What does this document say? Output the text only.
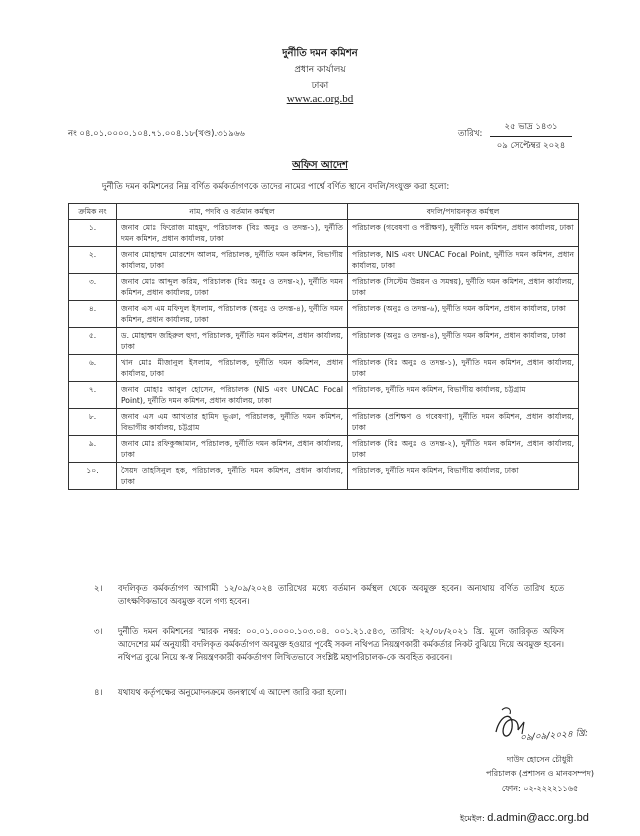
দুর্নীতি দমন কমিশন
প্রধান কার্যালয়
ঢাকা
www.ac.org.bd
নং ০৪.০১.০০০০.১০৪.৭১.০০৪.১৮(খণ্ড).৩১৯৬৬	তারিখ:
২৫ ভাদ্র ১৪৩১
০৯ সেপ্টেম্বর ২০২৪
অফিস আদেশ
দুর্নীতি দমন কমিশনের নিম্ন বর্ণিত কর্মকর্তাগণকে তাদের নামের পার্শ্বে বর্ণিত স্থানে বদলি/সংযুক্ত করা হলো:
ক্রমিক নং	নাম, পদবি ও বর্তমান কর্মস্থল	বদলি/পদায়নকৃত কর্মস্থল
১.	জনাব মোঃ ফিরোজ মাহমুদ, পরিচালক (বিঃ অনুঃ ও তদন্ত-১), দুর্নীতি দমন কমিশন, প্রধান কার্যালয়, ঢাকা	পরিচালক (গবেষণা ও পরীক্ষণ), দুর্নীতি দমন কমিশন, প্রধান কার্যালয়, ঢাকা
২.	জনাব মোহাম্মদ মোরশেদ আলম, পরিচালক, দুর্নীতি দমন কমিশন, বিভাগীয় কার্যালয়, ঢাকা	পরিচালক, NIS এবং UNCAC Focal Point, দুর্নীতি দমন কমিশন, প্রধান কার্যালয়, ঢাকা
৩.	জনাব মোঃ আব্দুল করিম, পরিচালক (বিঃ অনুঃ ও তদন্ত-২), দুর্নীতি দমন কমিশন, প্রধান কার্যালয়, ঢাকা	পরিচালক (সিস্টেম উন্নয়ন ও সমন্বয়), দুর্নীতি দমন কমিশন, প্রধান কার্যালয়, ঢাকা
৪.	জনাব এস এম মফিদুল ইসলাম, পরিচালক (অনুঃ ও তদন্ত-৪), দুর্নীতি দমন কমিশন, প্রধান কার্যালয়, ঢাকা	পরিচালক (অনুঃ ও তদন্ত-৬), দুর্নীতি দমন কমিশন, প্রধান কার্যালয়, ঢাকা
৫.	ড. মোহাম্মদ জহিরুল হুদা, পরিচালক, দুর্নীতি দমন কমিশন, প্রধান কার্যালয়, ঢাকা	পরিচালক (অনুঃ ও তদন্ত-৪), দুর্নীতি দমন কমিশন, প্রধান কার্যালয়, ঢাকা
৬.	খান মোঃ মীজানুল ইসলাম, পরিচালক, দুর্নীতি দমন কমিশন, প্রধান কার্যালয়, ঢাকা	পরিচালক (বিঃ অনুঃ ও তদন্ত-১), দুর্নীতি দমন কমিশন, প্রধান কার্যালয়, ঢাকা
৭.	জনাব মোহাঃ আবুল হোসেন, পরিচালক (NIS এবং UNCAC Focal Point), দুর্নীতি দমন কমিশন, প্রধান কার্যালয়, ঢাকা	পরিচালক, দুর্নীতি দমন কমিশন, বিভাগীয় কার্যালয়, চট্টগ্রাম
৮.	জনাব এস এম আখতার হামিদ ভূঞা, পরিচালক, দুর্নীতি দমন কমিশন, বিভাগীয় কার্যালয়, চট্টগ্রাম	পরিচালক (প্রশিক্ষণ ও গবেষণা), দুর্নীতি দমন কমিশন, প্রধান কার্যালয়, ঢাকা
৯.	জনাব মোঃ রফিকুজ্জামান, পরিচালক, দুর্নীতি দমন কমিশন, প্রধান কার্যালয়, ঢাকা	পরিচালক (বিঃ অনুঃ ও তদন্ত-২), দুর্নীতি দমন কমিশন, প্রধান কার্যালয়, ঢাকা
১০.	সৈয়দ তাহসিনুল হক, পরিচালক, দুর্নীতি দমন কমিশন, প্রধান কার্যালয়, ঢাকা	পরিচালক, দুর্নীতি দমন কমিশন, বিভাগীয় কার্যালয়, ঢাকা
২। বদলিকৃত কর্মকর্তাগণ আগামী ১২/০৯/২০২৪ তারিখের মধ্যে বর্তমান কর্মস্থল থেকে অবমুক্ত হবেন। অন্যথায় বর্ণিত তারিখ হতে তাৎক্ষণিকভাবে অবমুক্ত বলে গণ্য হবেন।
৩। দুর্নীতি দমন কমিশনের স্মারক নম্বর: ০০.০১.০০০০.১০৩.০৪. ০০১.২১.৫৪৩, তারিখ: ২২/০৮/২০২১ খ্রি. মূলে জারিকৃত অফিস আদেশের মর্ম অনুযায়ী বদলিকৃত কর্মকর্তাগণ অবমুক্ত হওয়ার পূর্বেই সকল নথিপত্র নিয়ন্ত্রণকারী কর্মকর্তার নিকট বুঝিয়ে দিয়ে অবমুক্ত হবেন। নথিপত্র বুঝে নিয়ে স্ব-স্ব নিয়ন্ত্রণকারী কর্মকর্তাগণ লিখিতভাবে সংশ্লিষ্ট মহাপরিচালক-কে অবহিত করবেন।
৪। যথাযথ কর্তৃপক্ষের অনুমোদনক্রমে জনস্বার্থে এ আদেশ জারি করা হলো।
০৯/০৯/২০২৪ খ্রি:
দাউদ হোসেন চৌধুরী
পরিচালক (প্রশাসন ও মানবসম্পদ)
ফোন: ০২-২২২২১১৬৫
ইমেইল: d.admin@acc.org.bd
